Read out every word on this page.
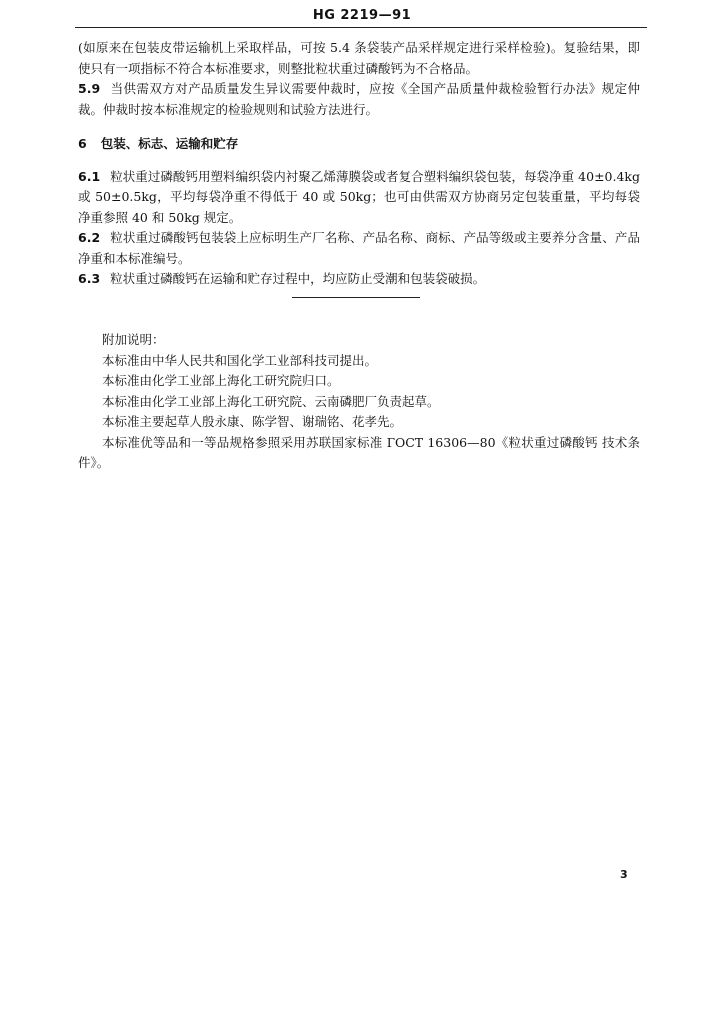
HG 2219—91

(如原来在包装皮带运输机上采取样品，可按 5.4 条袋装产品采样规定进行采样检验)。复验结果，即使只有一项指标不符合本标准要求，则整批粒状重过磷酸钙为不合格品。

5.9 当供需双方对产品质量发生异议需要仲裁时，应按《全国产品质量仲裁检验暂行办法》规定仲裁。仲裁时按本标准规定的检验规则和试验方法进行。

6 包装、标志、运输和贮存

6.1 粒状重过磷酸钙用塑料编织袋内衬聚乙烯薄膜袋或者复合塑料编织袋包装，每袋净重 40±0.4kg 或 50±0.5kg，平均每袋净重不得低于 40 或 50kg；也可由供需双方协商另定包装重量，平均每袋净重参照 40 和 50kg 规定。

6.2 粒状重过磷酸钙包装袋上应标明生产厂名称、产品名称、商标、产品等级或主要养分含量、产品净重和本标准编号。

6.3 粒状重过磷酸钙在运输和贮存过程中，均应防止受潮和包装袋破损。

附加说明：

本标准由中华人民共和国化学工业部科技司提出。

本标准由化学工业部上海化工研究院归口。

本标准由化学工业部上海化工研究院、云南磷肥厂负责起草。

本标准主要起草人殷永康、陈学智、谢瑞铭、花孝先。

本标准优等品和一等品规格参照采用苏联国家标准 ГОСТ 16306—80《粒状重过磷酸钙 技术条件》。

3
